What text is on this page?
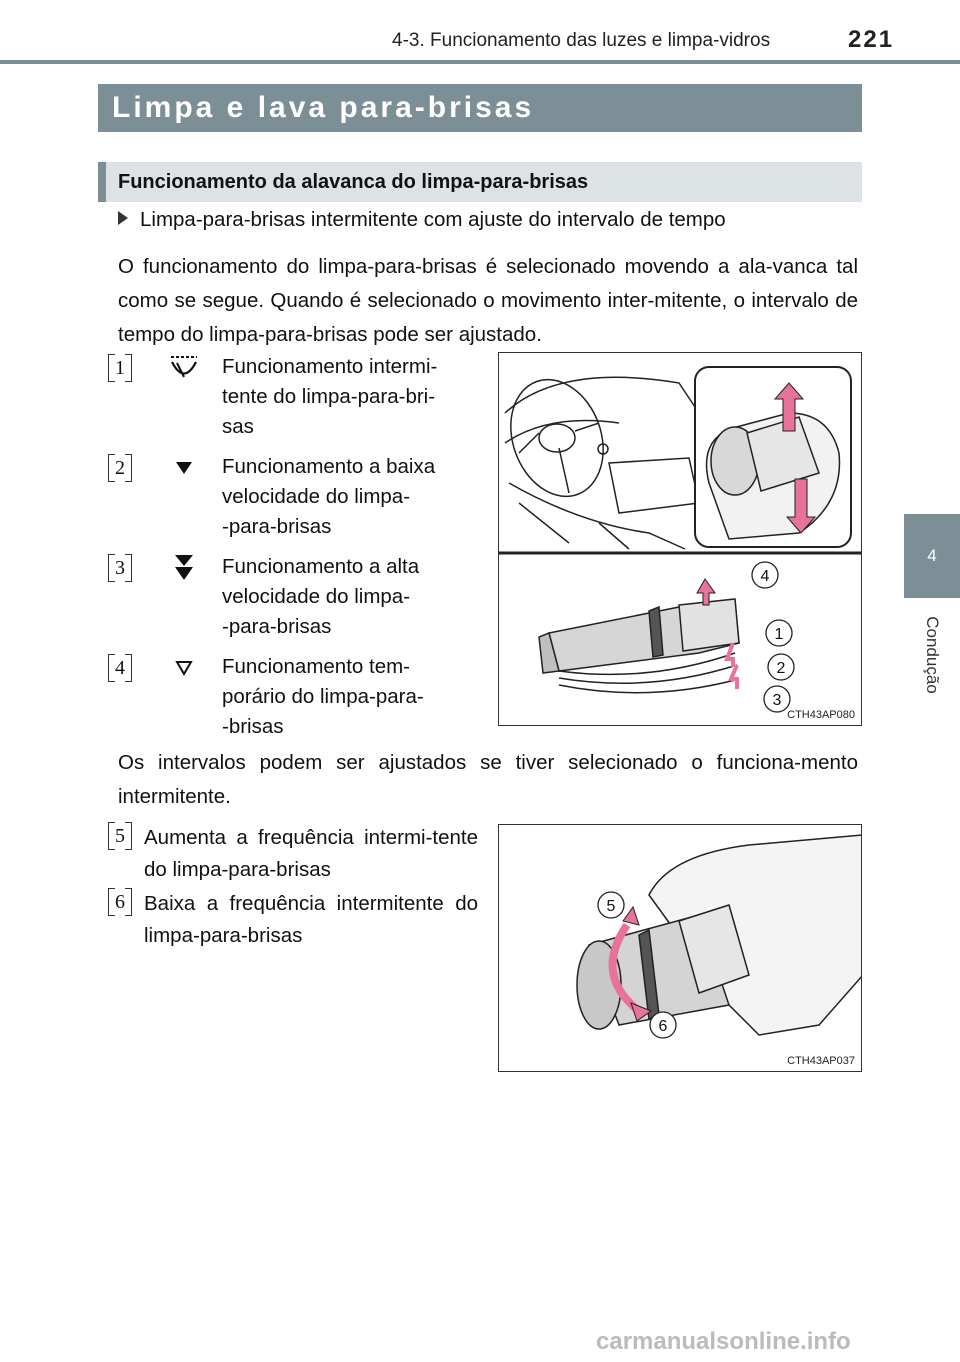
4-3. Funcionamento das luzes e limpa-vidros	221
4
Condução
Limpa e lava para-brisas
Funcionamento da alavanca do limpa-para-brisas
Limpa-para-brisas intermitente com ajuste do intervalo de tempo
O funcionamento do limpa-para-brisas é selecionado movendo a ala-vanca tal como se segue. Quando é selecionado o movimento inter-mitente, o intervalo de tempo do limpa-para-brisas pode ser ajustado.
1	Funcionamento intermi-
tente do limpa-para-bri-
sas
2	Funcionamento a baixa
velocidade do limpa-
-para-brisas
3	Funcionamento a alta
velocidade do limpa-
-para-brisas
4	Funcionamento tem-
porário do limpa-para-
-brisas
4
1
2
3
CTH43AP080
Os intervalos podem ser ajustados se tiver selecionado o funciona-mento intermitente.
5 Aumenta a frequência intermi-tente do limpa-para-brisas
6 Baixa a frequência intermitente do limpa-para-brisas
5
6
CTH43AP037
carmanualsonline.info
